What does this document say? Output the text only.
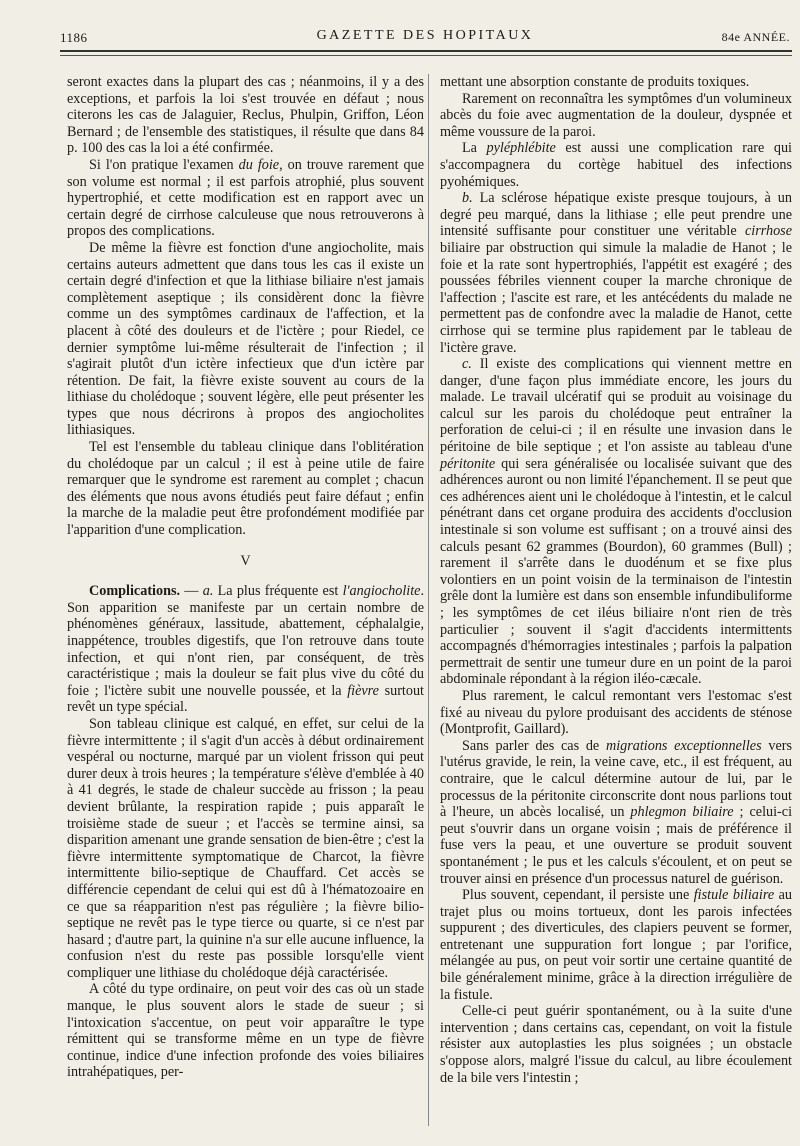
1186	GAZETTE DES HOPITAUX	84e ANNÉE.

seront exactes dans la plupart des cas ; néanmoins, il y a des exceptions, et parfois la loi s'est trouvée en défaut ; nous citerons les cas de Jalaguier, Reclus, Phulpin, Griffon, Léon Bernard ; de l'ensemble des statistiques, il résulte que dans 84 p. 100 des cas la loi a été confirmée.

Si l'on pratique l'examen du foie, on trouve rarement que son volume est normal ; il est parfois atrophié, plus souvent hypertrophié, et cette modification est en rapport avec un certain degré de cirrhose calculeuse que nous retrouverons à propos des complications.

De même la fièvre est fonction d'une angiocholite, mais certains auteurs admettent que dans tous les cas il existe un certain degré d'infection et que la lithiase biliaire n'est jamais complètement aseptique ; ils considèrent donc la fièvre comme un des symptômes cardinaux de l'affection, et la placent à côté des douleurs et de l'ictère ; pour Riedel, ce dernier symptôme lui-même résulterait de l'infection ; il s'agirait plutôt d'un ictère infectieux que d'un ictère par rétention. De fait, la fièvre existe souvent au cours de la lithiase du cholédoque ; souvent légère, elle peut présenter les types que nous décrirons à propos des angiocholites lithiasiques.

Tel est l'ensemble du tableau clinique dans l'oblitération du cholédoque par un calcul ; il est à peine utile de faire remarquer que le syndrome est rarement au complet ; chacun des éléments que nous avons étudiés peut faire défaut ; enfin la marche de la maladie peut être profondément modifiée par l'apparition d'une complication.

V

Complications. — a. La plus fréquente est l'angiocholite. Son apparition se manifeste par un certain nombre de phénomènes généraux, lassitude, abattement, céphalalgie, inappétence, troubles digestifs, que l'on retrouve dans toute infection, et qui n'ont rien, par conséquent, de très caractéristique ; mais la douleur se fait plus vive du côté du foie ; l'ictère subit une nouvelle poussée, et la fièvre surtout revêt un type spécial.

Son tableau clinique est calqué, en effet, sur celui de la fièvre intermittente ; il s'agit d'un accès à début ordinairement vespéral ou nocturne, marqué par un violent frisson qui peut durer deux à trois heures ; la température s'élève d'emblée à 40 à 41 degrés, le stade de chaleur succède au frisson ; la peau devient brûlante, la respiration rapide ; puis apparaît le troisième stade de sueur ; et l'accès se termine ainsi, sa disparition amenant une grande sensation de bien-être ; c'est la fièvre intermittente symptomatique de Charcot, la fièvre intermittente bilio-septique de Chauffard. Cet accès se différencie cependant de celui qui est dû à l'hématozoaire en ce que sa réapparition n'est pas régulière ; la fièvre bilio-septique ne revêt pas le type tierce ou quarte, si ce n'est par hasard ; d'autre part, la quinine n'a sur elle aucune influence, la confusion n'est du reste pas possible lorsqu'elle vient compliquer une lithiase du cholédoque déjà caractérisée.

A côté du type ordinaire, on peut voir des cas où un stade manque, le plus souvent alors le stade de sueur ; si l'intoxication s'accentue, on peut voir apparaître le type rémittent qui se transforme même en un type de fièvre continue, indice d'une infection profonde des voies biliaires intrahépatiques, per-

mettant une absorption constante de produits toxiques.

Rarement on reconnaîtra les symptômes d'un volumineux abcès du foie avec augmentation de la douleur, dyspnée et même voussure de la paroi.

La pyléphlébite est aussi une complication rare qui s'accompagnera du cortège habituel des infections pyohémiques.

b. La sclérose hépatique existe presque toujours, à un degré peu marqué, dans la lithiase ; elle peut prendre une intensité suffisante pour constituer une véritable cirrhose biliaire par obstruction qui simule la maladie de Hanot ; le foie et la rate sont hypertrophiés, l'appétit est exagéré ; des poussées fébriles viennent couper la marche chronique de l'affection ; l'ascite est rare, et les antécédents du malade ne permettent pas de confondre avec la maladie de Hanot, cette cirrhose qui se termine plus rapidement par le tableau de l'ictère grave.

c. Il existe des complications qui viennent mettre en danger, d'une façon plus immédiate encore, les jours du malade. Le travail ulcératif qui se produit au voisinage du calcul sur les parois du cholédoque peut entraîner la perforation de celui-ci ; il en résulte une invasion dans le péritoine de bile septique ; et l'on assiste au tableau d'une péritonite qui sera généralisée ou localisée suivant que des adhérences auront ou non limité l'épanchement. Il se peut que ces adhérences aient uni le cholédoque à l'intestin, et le calcul pénétrant dans cet organe produira des accidents d'occlusion intestinale si son volume est suffisant ; on a trouvé ainsi des calculs pesant 62 grammes (Bourdon), 60 grammes (Bull) ; rarement il s'arrête dans le duodénum et se fixe plus volontiers en un point voisin de la terminaison de l'intestin grêle dont la lumière est dans son ensemble infundibuliforme ; les symptômes de cet iléus biliaire n'ont rien de très particulier ; souvent il s'agit d'accidents intermittents accompagnés d'hémorragies intestinales ; parfois la palpation permettrait de sentir une tumeur dure en un point de la paroi abdominale répondant à la région iléo-cæcale.

Plus rarement, le calcul remontant vers l'estomac s'est fixé au niveau du pylore produisant des accidents de sténose (Montprofit, Gaillard).

Sans parler des cas de migrations exceptionnelles vers l'utérus gravide, le rein, la veine cave, etc., il est fréquent, au contraire, que le calcul détermine autour de lui, par le processus de la péritonite circonscrite dont nous parlions tout à l'heure, un abcès localisé, un phlegmon biliaire ; celui-ci peut s'ouvrir dans un organe voisin ; mais de préférence il fuse vers la peau, et une ouverture se produit souvent spontanément ; le pus et les calculs s'écoulent, et on peut se trouver ainsi en présence d'un processus naturel de guérison.

Plus souvent, cependant, il persiste une fistule biliaire au trajet plus ou moins tortueux, dont les parois infectées suppurent ; des diverticules, des clapiers peuvent se former, entretenant une suppuration fort longue ; par l'orifice, mélangée au pus, on peut voir sortir une certaine quantité de bile généralement minime, grâce à la direction irrégulière de la fistule.

Celle-ci peut guérir spontanément, ou à la suite d'une intervention ; dans certains cas, cependant, on voit la fistule résister aux autoplasties les plus soignées ; un obstacle s'oppose alors, malgré l'issue du calcul, au libre écoulement de la bile vers l'intestin ;
